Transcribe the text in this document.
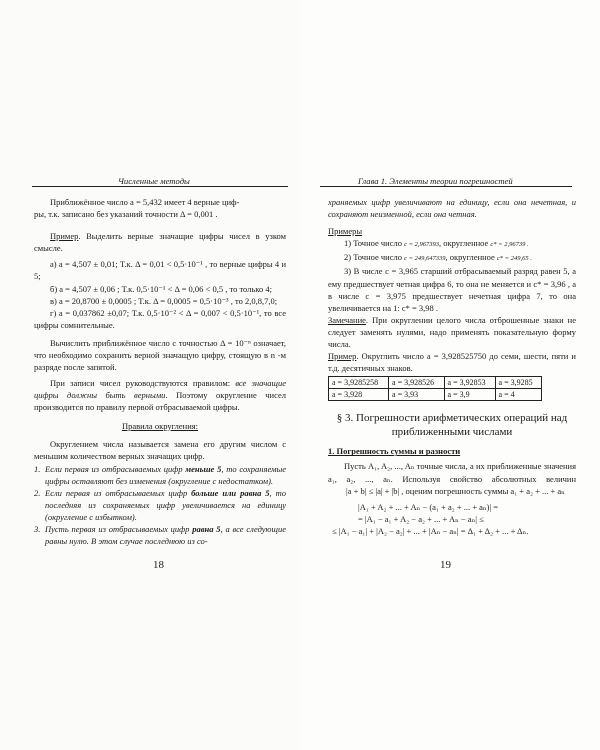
Численные методы

Приближённое число a = 5,432 имеет 4 верные циф-

ры, т.к. записано без указаний точности Δ = 0,001 .

Пример. Выделить верные значащие цифры чисел в узком смысле.

а) a = 4,507 ± 0,01; Т.к. Δ = 0,01 < 0,5·10⁻¹ , то верные цифры 4 и 5;

б) a = 4,507 ± 0,06 ; Т.к. 0,5·10⁻¹ < Δ = 0,06 < 0,5 , то только 4;

в) a = 20,8700 ± 0,0005 ; Т.к. Δ = 0,0005 = 0,5·10⁻³ , то 2,0,8,7,0;

г) a = 0,037862 ±0,07; Т.к. 0,5·10⁻² < Δ = 0,007 < 0,5·10⁻¹, то все цифры сомнительные.

Вычислить приближённое число с точностью Δ = 10⁻ⁿ означает, что необходимо сохранить верной значащую цифру, стоящую в n -м разряде после запятой.

При записи чисел руководствуются правилом: все значащие цифры должны быть верными. Поэтому округление чисел производится по правилу первой отбрасываемой цифры.

Правила округления:

Округлением числа называется замена его другим числом с меньшим количеством верных значащих цифр.

1. Если первая из отбрасываемых цифр меньше 5, то сохраняемые цифры оставляют без изменения (округление с недостатком).
2. Если первая из отбрасываемых цифр больше или равна 5, то последняя из сохраняемых цифр увеличивается на единицу (округление с избытком).
3. Пусть первая из отбрасываемых цифр равна 5, а все следующие равны нулю. В этом случае последнюю из со-
18
Глава 1. Элементы теории погрешностей

храняемых цифр увеличивают на единицу, если она нечетная, и сохраняют неизменной, если она четная.

Примеры

1) Точное число c = 2,967393, округленное c* = 2,96739 .

2) Точное число c = 249,647339, округленное c* = 249,65 .

3) В числе c = 3,965 старший отбрасываемый разряд равен 5, а ему предшествует четная цифра 6, то она не меняется и c* = 3,96 , а в числе c = 3,975 предшествует нечетная цифра 7, то она увеличивается на 1: c* = 3,98 .

Замечание. При округлении целого числа отброшенные знаки не следует заменять нулями, надо применять показательную форму числа.

Пример. Округлить число a = 3,928525750 до семи, шести, пяти и т.д. десятичных знаков.

a = 3,9285258	a = 3,928526	a = 3,92853	a = 3,9285
a = 3,928	a = 3,93	a = 3,9	a = 4
§ 3. Погрешности арифметических операций над приближенными числами

1. Погрешность суммы и разности

Пусть A₁, A₂, ..., Aₙ точные числа, а их приближенные значения a₁, a₂, ..., aₙ. Используя свойство абсолютных величин |a + b| ≤ |a| + |b| , оценим погрешность суммы a₁ + a₂ + ... + aₙ

|A₁ + A₂ + ... + Aₙ − (a₁ + a₂ + ... + aₙ)| =

= |A₁ − a₁ + A₂ − a₂ + ... + Aₙ − aₙ| ≤

≤ |A₁ − a₁| + |A₂ − a₂| + ... + |Aₙ − aₙ| = Δ₁ + Δ₂ + ... + Δₙ.

19
